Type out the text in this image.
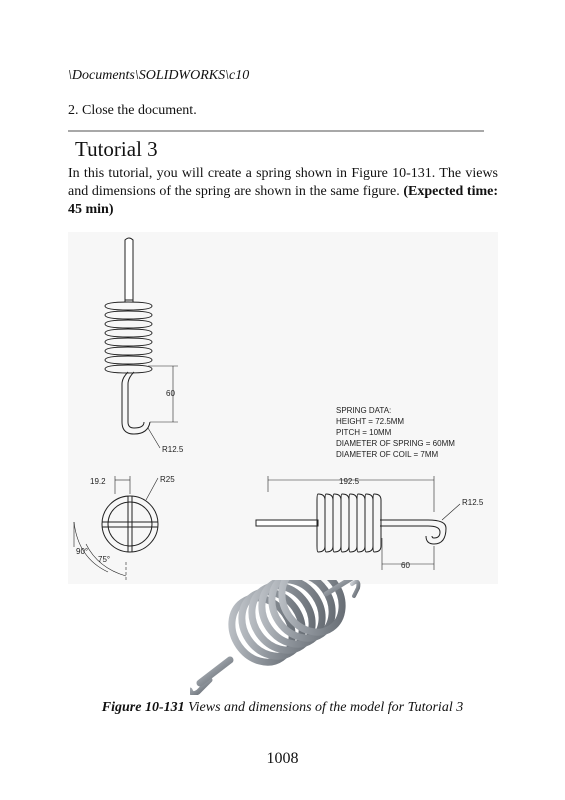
\Documents\SOLIDWORKS\c10
2. Close the document.
Tutorial 3
In this tutorial, you will create a spring shown in Figure 10-131. The views and dimensions of the spring are shown in the same figure. (Expected time: 45 min)
60
R12.5
SPRING DATA:
HEIGHT = 72.5MM
PITCH = 10MM
DIAMETER OF SPRING = 60MM
DIAMETER OF COIL = 7MM
19.2	R25
90°
75°
192.5
R12.5
60
Figure 10-131 Views and dimensions of the model for Tutorial 3
1008
